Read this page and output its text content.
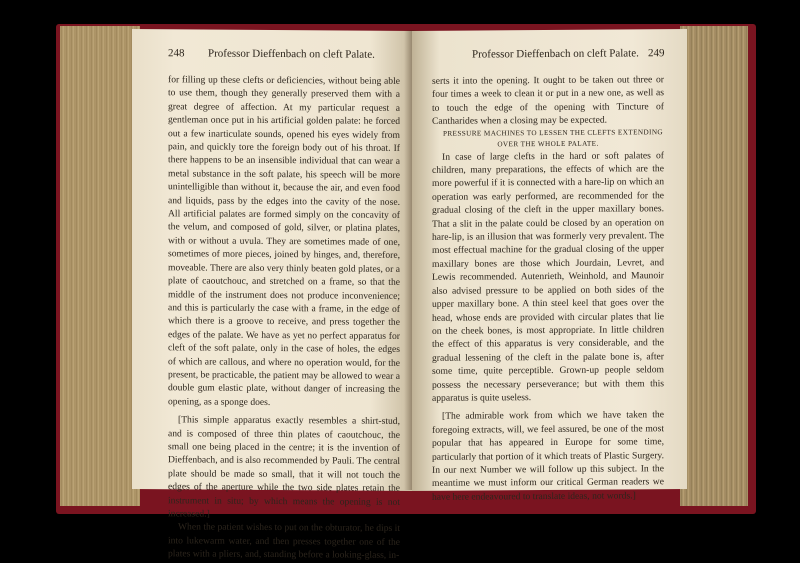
248 Professor Dieffenbach on cleft Palate.

for filling up these clefts or deficiencies, without being able to use them, though they generally preserved them with a great degree of affection. At my particular request a gentleman once put in his artificial golden palate: he forced out a few inarticulate sounds, opened his eyes widely from pain, and quickly tore the foreign body out of his throat. If there happens to be an insensible individual that can wear a metal substance in the soft palate, his speech will be more unintelligible than without it, because the air, and even food and liquids, pass by the edges into the cavity of the nose. All artificial palates are formed simply on the concavity of the velum, and composed of gold, silver, or platina plates, with or without a uvula. They are sometimes made of one, sometimes of more pieces, joined by hinges, and, therefore, moveable. There are also very thinly beaten gold plates, or a plate of caoutchouc, and stretched on a frame, so that the middle of the instrument does not produce inconvenience; and this is particularly the case with a frame, in the edge of which there is a groove to receive, and press together the edges of the palate. We have as yet no perfect apparatus for cleft of the soft palate, only in the case of holes, the edges of which are callous, and where no operation would, for the present, be practicable, the patient may be allowed to wear a double gum elastic plate, without danger of increasing the opening, as a sponge does.

[This simple apparatus exactly resembles a shirt-stud, and is composed of three thin plates of caoutchouc, the small one being placed in the centre; it is the invention of Dieffenbach, and is also recommended by Pauli. The central plate should be made so small, that it will not touch the edges of the aperture while the two side plates retain the instrument in situ; by which means the opening is not increased.]

When the patient wishes to put on the obturator, he dips it into lukewarm water, and then presses together one of the plates with a pliers, and, standing before a looking-glass, in-

Professor Dieffenbach on cleft Palate. 249

serts it into the opening. It ought to be taken out three or four times a week to clean it or put in a new one, as well as to touch the edge of the opening with Tincture of Cantharides when a closing may be expected.

PRESSURE MACHINES TO LESSEN THE CLEFTS EXTENDING OVER THE WHOLE PALATE.

In case of large clefts in the hard or soft palates of children, many preparations, the effects of which are the more powerful if it is connected with a hare-lip on which an operation was early performed, are recommended for the gradual closing of the cleft in the upper maxillary bones. That a slit in the palate could be closed by an operation on hare-lip, is an illusion that was formerly very prevalent. The most effectual machine for the gradual closing of the upper maxillary bones are those which Jourdain, Levret, and Lewis recommended. Autenrieth, Weinhold, and Maunoir also advised pressure to be applied on both sides of the upper maxillary bone. A thin steel keel that goes over the head, whose ends are provided with circular plates that lie on the cheek bones, is most appropriate. In little children the effect of this apparatus is very considerable, and the gradual lessening of the cleft in the palate bone is, after some time, quite perceptible. Grown-up people seldom possess the necessary perseverance; but with them this apparatus is quite useless.

[The admirable work from which we have taken the foregoing extracts, will, we feel assured, be one of the most popular that has appeared in Europe for some time, particularly that portion of it which treats of Plastic Surgery. In our next Number we will follow up this subject. In the meantime we must inform our critical German readers we have here endeavoured to translate ideas, not words.]
